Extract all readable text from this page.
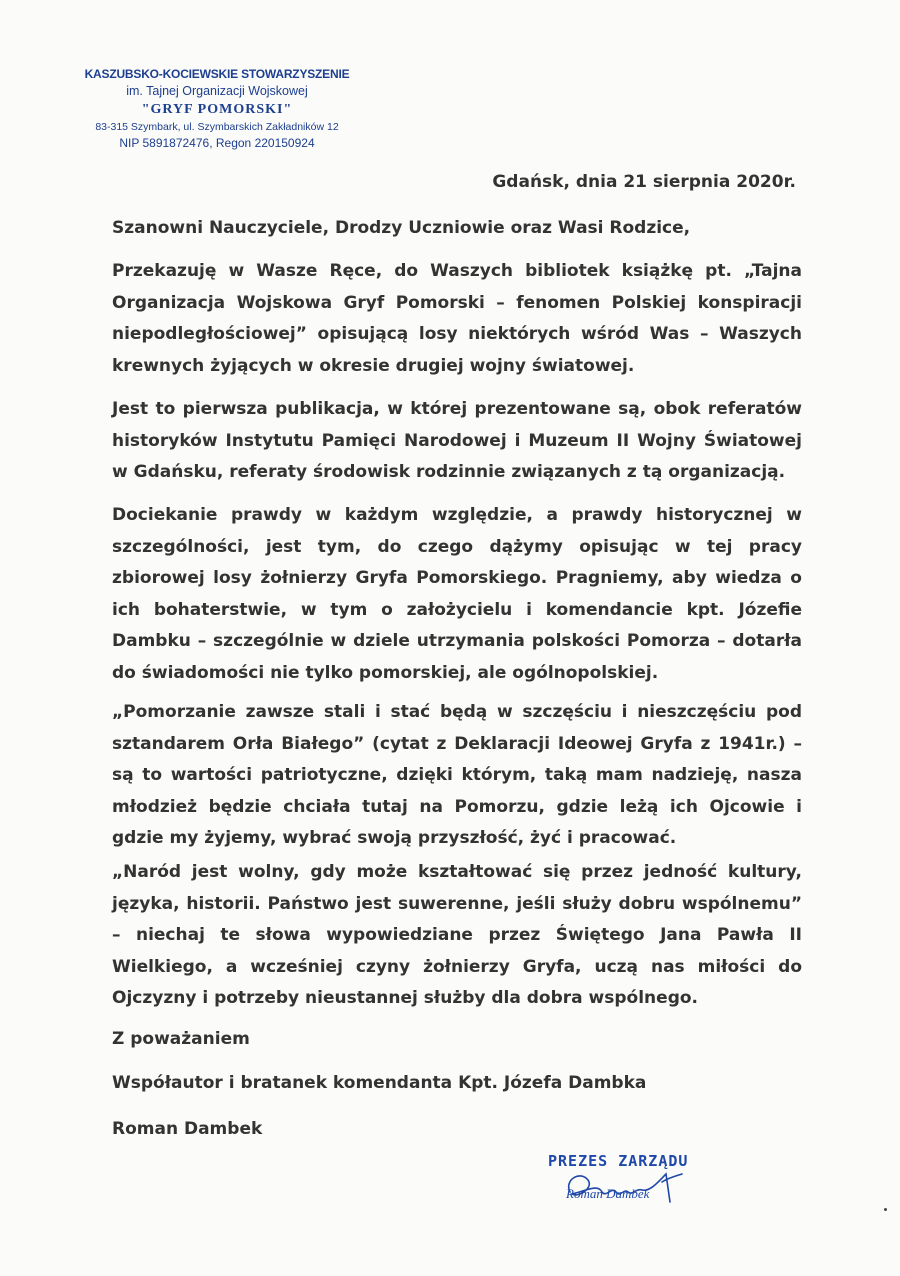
KASZUBSKO-KOCIEWSKIE STOWARZYSZENIE
im. Tajnej Organizacji Wojskowej
"GRYF POMORSKI"
83-315 Szymbark, ul. Szymbarskich Zakładników 12
NIP 5891872476, Regon 220150924
Gdańsk, dnia 21 sierpnia 2020r.
Szanowni Nauczyciele, Drodzy Uczniowie oraz Wasi Rodzice,
Przekazuję w Wasze Ręce, do Waszych bibliotek książkę pt. „Tajna Organizacja Wojskowa Gryf Pomorski – fenomen Polskiej konspiracji niepodległościowej” opisującą losy niektórych wśród Was – Waszych krewnych żyjących w okresie drugiej wojny światowej.
Jest to pierwsza publikacja, w której prezentowane są, obok referatów historyków Instytutu Pamięci Narodowej i Muzeum II Wojny Światowej w Gdańsku, referaty środowisk rodzinnie związanych z tą organizacją.
Dociekanie prawdy w każdym względzie, a prawdy historycznej w szczególności, jest tym, do czego dążymy opisując w tej pracy zbiorowej losy żołnierzy Gryfa Pomorskiego. Pragniemy, aby wiedza o ich bohaterstwie, w tym o założycielu i komendancie kpt. Józefie Dambku – szczególnie w dziele utrzymania polskości Pomorza – dotarła do świadomości nie tylko pomorskiej, ale ogólnopolskiej.
„Pomorzanie zawsze stali i stać będą w szczęściu i nieszczęściu pod sztandarem Orła Białego” (cytat z Deklaracji Ideowej Gryfa z 1941r.) – są to wartości patriotyczne, dzięki którym, taką mam nadzieję, nasza młodzież będzie chciała tutaj na Pomorzu, gdzie leżą ich Ojcowie i gdzie my żyjemy, wybrać swoją przyszłość, żyć i pracować.
„Naród jest wolny, gdy może kształtować się przez jedność kultury, języka, historii. Państwo jest suwerenne, jeśli służy dobru wspólnemu” – niechaj te słowa wypowiedziane przez Świętego Jana Pawła II Wielkiego, a wcześniej czyny żołnierzy Gryfa, uczą nas miłości do Ojczyzny i potrzeby nieustannej służby dla dobra wspólnego.
Z poważaniem
Współautor i bratanek komendanta Kpt. Józefa Dambka
Roman Dambek
PREZES ZARZĄDU
Roman Dambek
